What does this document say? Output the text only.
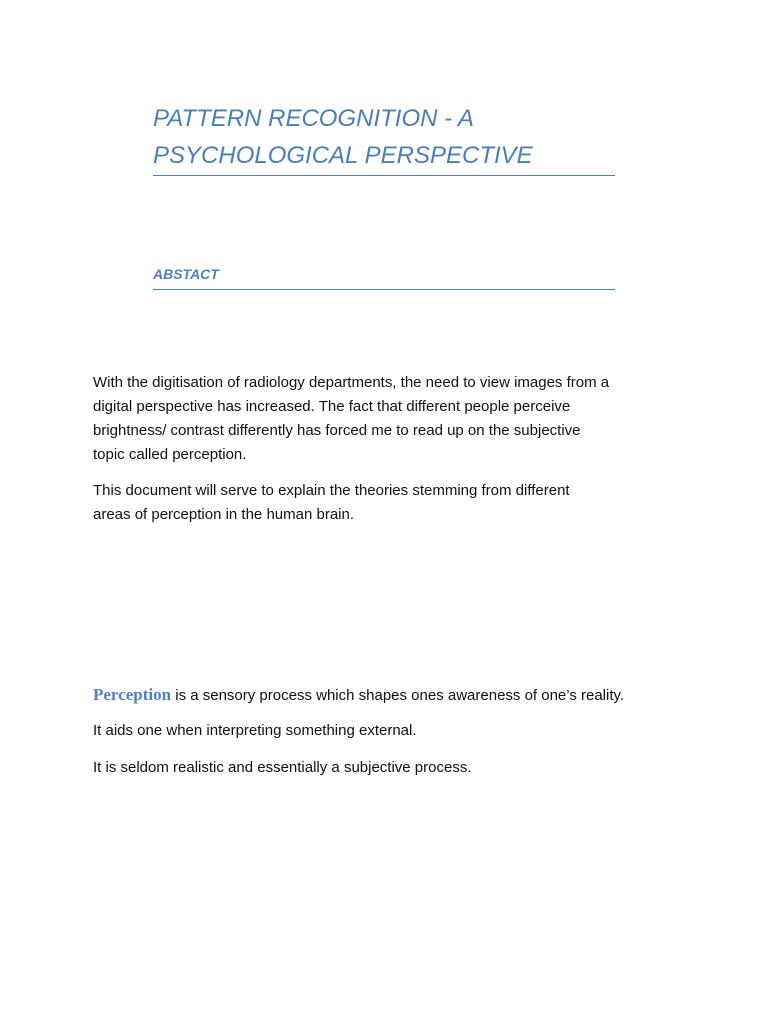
PATTERN RECOGNITION - A
PSYCHOLOGICAL PERSPECTIVE
ABSTACT

With the digitisation of radiology departments, the need to view images from a
digital perspective has increased. The fact that different people perceive
brightness/ contrast differently has forced me to read up on the subjective
topic called perception.

This document will serve to explain the theories stemming from different
areas of perception in the human brain.

Perception is a sensory process which shapes ones awareness of one’s reality.

It aids one when interpreting something external.

It is seldom realistic and essentially a subjective process.
